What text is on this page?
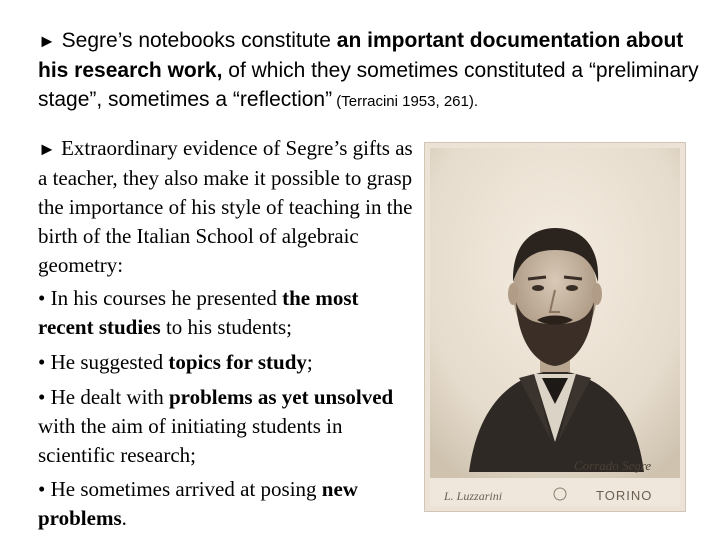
► Segre’s notebooks constitute an important documentation about his research work, of which they sometimes constituted a “preliminary stage”, sometimes a “reflection” (Terracini 1953, 261).
► Extraordinary evidence of Segre’s gifts as a teacher, they also make it possible to grasp the importance of his style of teaching in the birth of the Italian School of algebraic geometry:
• In his courses he presented the most recent studies to his students;
• He suggested topics for study;
• He dealt with problems as yet unsolved with the aim of initiating students in scientific research;
• He sometimes arrived at posing new problems.
Corrado Segre
L. Luzzarini	TORINO
